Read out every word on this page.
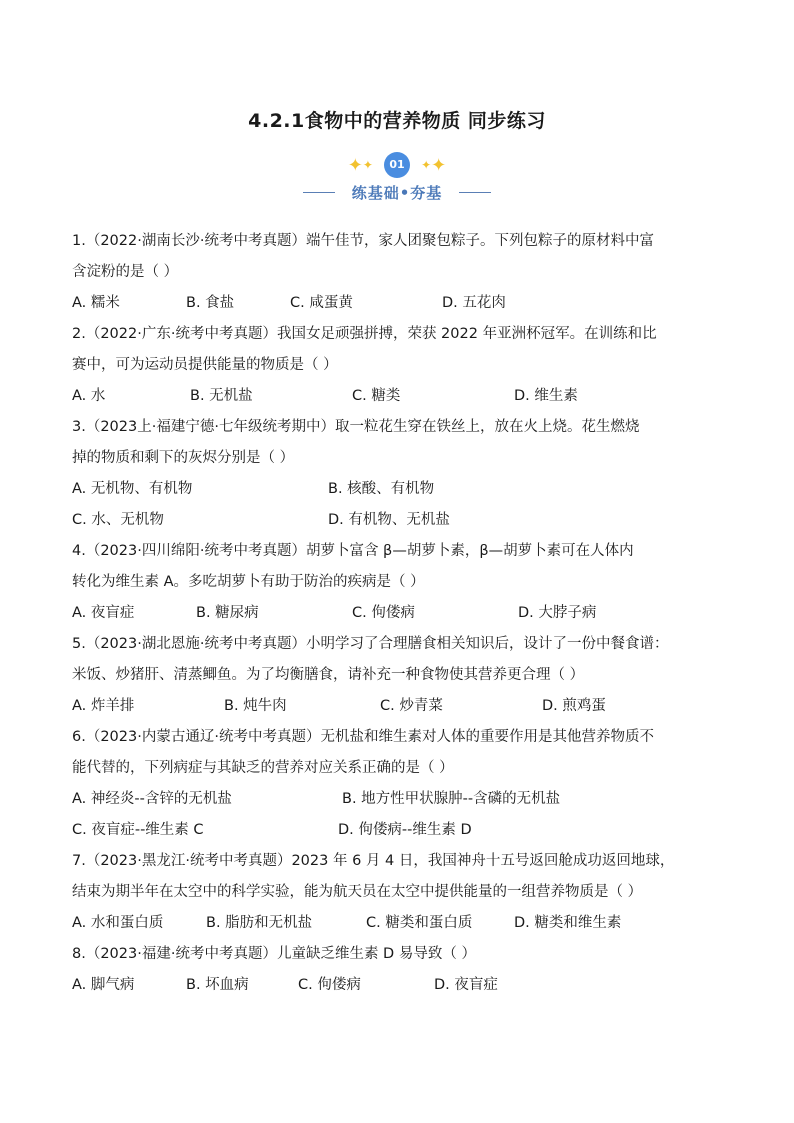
4.2.1食物中的营养物质 同步练习
✦✦ 01 ✦✦
练基础•夯基
1.（2022·湖南长沙·统考中考真题）端午佳节，家人团聚包粽子。下列包粽子的原材料中富
含淀粉的是（ ）
A. 糯米	B. 食盐	C. 咸蛋黄	D. 五花肉
2.（2022·广东·统考中考真题）我国女足顽强拼搏，荣获 2022 年亚洲杯冠军。在训练和比
赛中，可为运动员提供能量的物质是（ ）
A. 水	B. 无机盐	C. 糖类	D. 维生素
3.（2023上·福建宁德·七年级统考期中）取一粒花生穿在铁丝上，放在火上烧。花生燃烧
掉的物质和剩下的灰烬分别是（ ）
A. 无机物、有机物	B. 核酸、有机物
C. 水、无机物	D. 有机物、无机盐
4.（2023·四川绵阳·统考中考真题）胡萝卜富含 β—胡萝卜素，β—胡萝卜素可在人体内
转化为维生素 A。多吃胡萝卜有助于防治的疾病是（ ）
A. 夜盲症	B. 糖尿病	C. 佝偻病	D. 大脖子病
5.（2023·湖北恩施·统考中考真题）小明学习了合理膳食相关知识后，设计了一份中餐食谱：
米饭、炒猪肝、清蒸鲫鱼。为了均衡膳食，请补充一种食物使其营养更合理（ ）
A. 炸羊排	B. 炖牛肉	C. 炒青菜	D. 煎鸡蛋
6.（2023·内蒙古通辽·统考中考真题）无机盐和维生素对人体的重要作用是其他营养物质不
能代替的，下列病症与其缺乏的营养对应关系正确的是（ ）
A. 神经炎--含锌的无机盐	B. 地方性甲状腺肿--含磷的无机盐
C. 夜盲症--维生素 C	D. 佝偻病--维生素 D
7.（2023·黑龙江·统考中考真题）2023 年 6 月 4 日，我国神舟十五号返回舱成功返回地球，
结束为期半年在太空中的科学实验，能为航天员在太空中提供能量的一组营养物质是（ ）
A. 水和蛋白质	B. 脂肪和无机盐	C. 糖类和蛋白质	D. 糖类和维生素
8.（2023·福建·统考中考真题）儿童缺乏维生素 D 易导致（ ）
A. 脚气病	B. 坏血病	C. 佝偻病	D. 夜盲症
